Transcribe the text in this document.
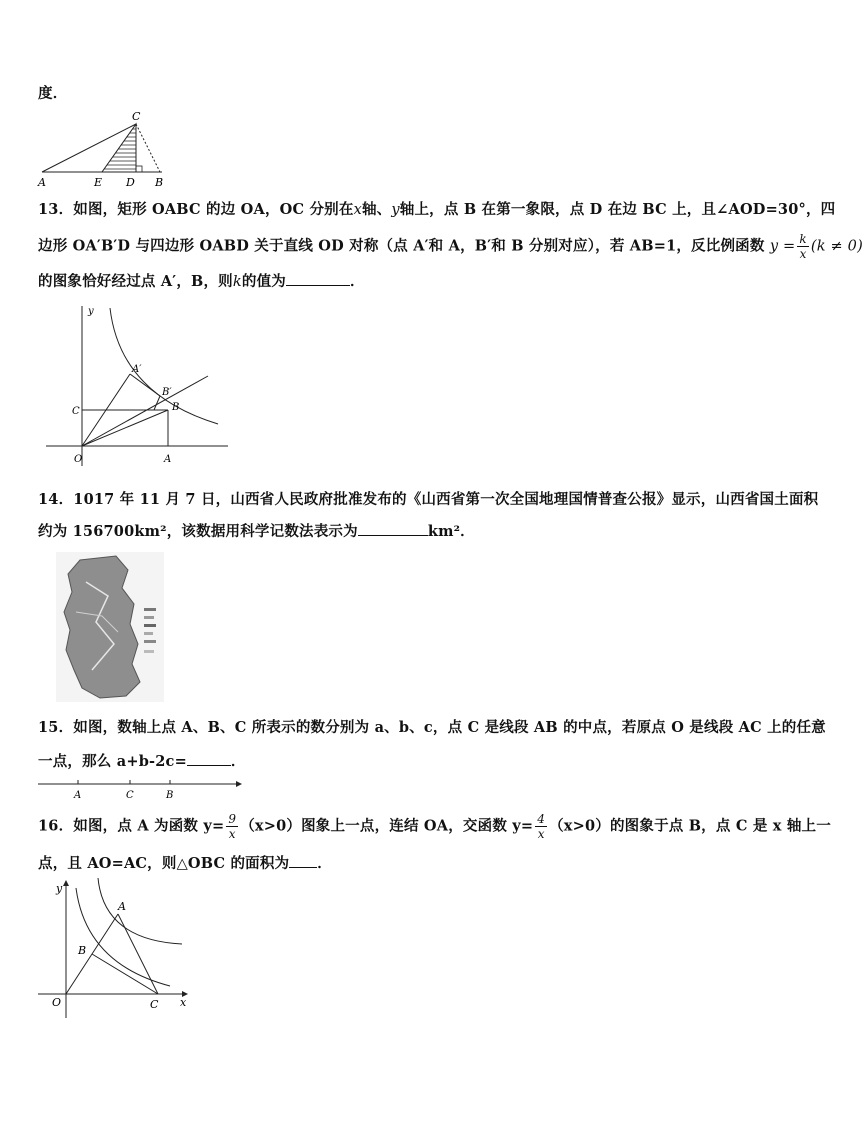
度．
A
C
E D B
13．如图，矩形 OABC 的边 OA，OC 分别在x轴、y轴上，点 B 在第一象限，点 D 在边 BC 上，且∠AOD=30°，四
边形 OA′B′D 与四边形 OABD 关于直线 OD 对称（点 A′和 A，B′和 B 分别对应），若 AB=1，反比例函数 $y = \frac{k}{x} (k \ne 0)$
的图象恰好经过点 A′，B，则k的值为	．
y
A′
B′
C	B
O	A
14．1017 年 11 月 7 日，山西省人民政府批准发布的《山西省第一次全国地理国情普查公报》显示，山西省国土面积
约为 156700km²，该数据用科学记数法表示为	km²．
15．如图，数轴上点 A、B、C 所表示的数分别为 a、b、c，点 C 是线段 AB 的中点，若原点 O 是线段 AC 上的任意
一点，那么 a+b-2c=	．
A	C	B
16．如图，点 A 为函数 $y= \frac{9}{x} (x>0)$图象上一点，连结 OA，交函数 $y= \frac{4}{x} (x>0)$的图象于点 B，点 C 是 x 轴上一
点，且 AO=AC，则△OBC 的面积为 ．
y
A
B
O	C x
